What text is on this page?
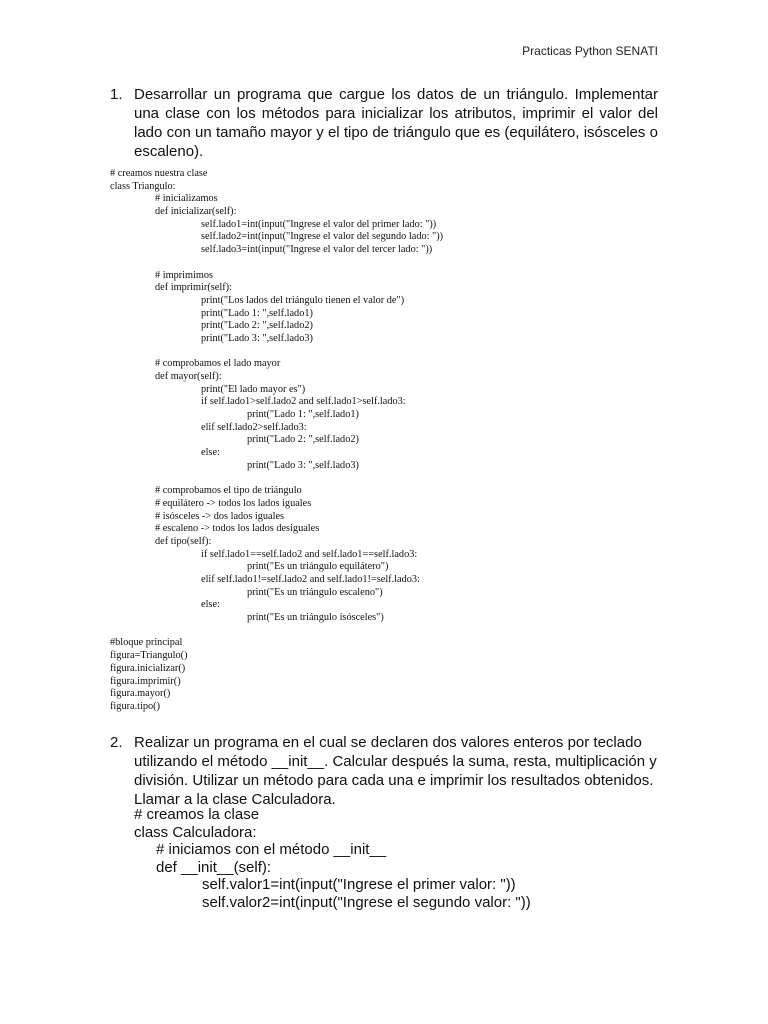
Practicas Python SENATI
1. Desarrollar un programa que cargue los datos de un triángulo. Implementar una clase con los métodos para inicializar los atributos, imprimir el valor del lado con un tamaño mayor y el tipo de triángulo que es (equilátero, isósceles o escaleno).
# creamos nuestra clase
class Triangulo:
# inicializamos
def inicializar(self):
self.lado1=int(input("Ingrese el valor del primer lado: "))
self.lado2=int(input("Ingrese el valor del segundo lado: "))
self.lado3=int(input("Ingrese el valor del tercer lado: "))
# imprimimos
def imprimir(self):
print("Los lados del triángulo tienen el valor de")
print("Lado 1: ",self.lado1)
print("Lado 2: ",self.lado2)
print("Lado 3: ",self.lado3)
# comprobamos el lado mayor
def mayor(self):
print("El lado mayor es")
if self.lado1>self.lado2 and self.lado1>self.lado3:
print("Lado 1: ",self.lado1)
elif self.lado2>self.lado3:
print("Lado 2: ",self.lado2)
else:
print("Lado 3: ",self.lado3)
# comprobamos el tipo de triángulo
# equilátero -> todos los lados iguales
# isósceles -> dos lados iguales
# escaleno -> todos los lados desiguales
def tipo(self):
if self.lado1==self.lado2 and self.lado1==self.lado3:
print("Es un triángulo equilátero")
elif self.lado1!=self.lado2 and self.lado1!=self.lado3:
print("Es un triángulo escaleno")
else:
print("Es un triángulo isósceles")
#bloque principal
figura=Triangulo()
figura.inicializar()
figura.imprimir()
figura.mayor()
figura.tipo()
2. Realizar un programa en el cual se declaren dos valores enteros por teclado utilizando el método __init__. Calcular después la suma, resta, multiplicación y división. Utilizar un método para cada una e imprimir los resultados obtenidos. Llamar a la clase Calculadora.
# creamos la clase
class Calculadora:
# iniciamos con el método __init__
def __init__(self):
self.valor1=int(input("Ingrese el primer valor: "))
self.valor2=int(input("Ingrese el segundo valor: "))
